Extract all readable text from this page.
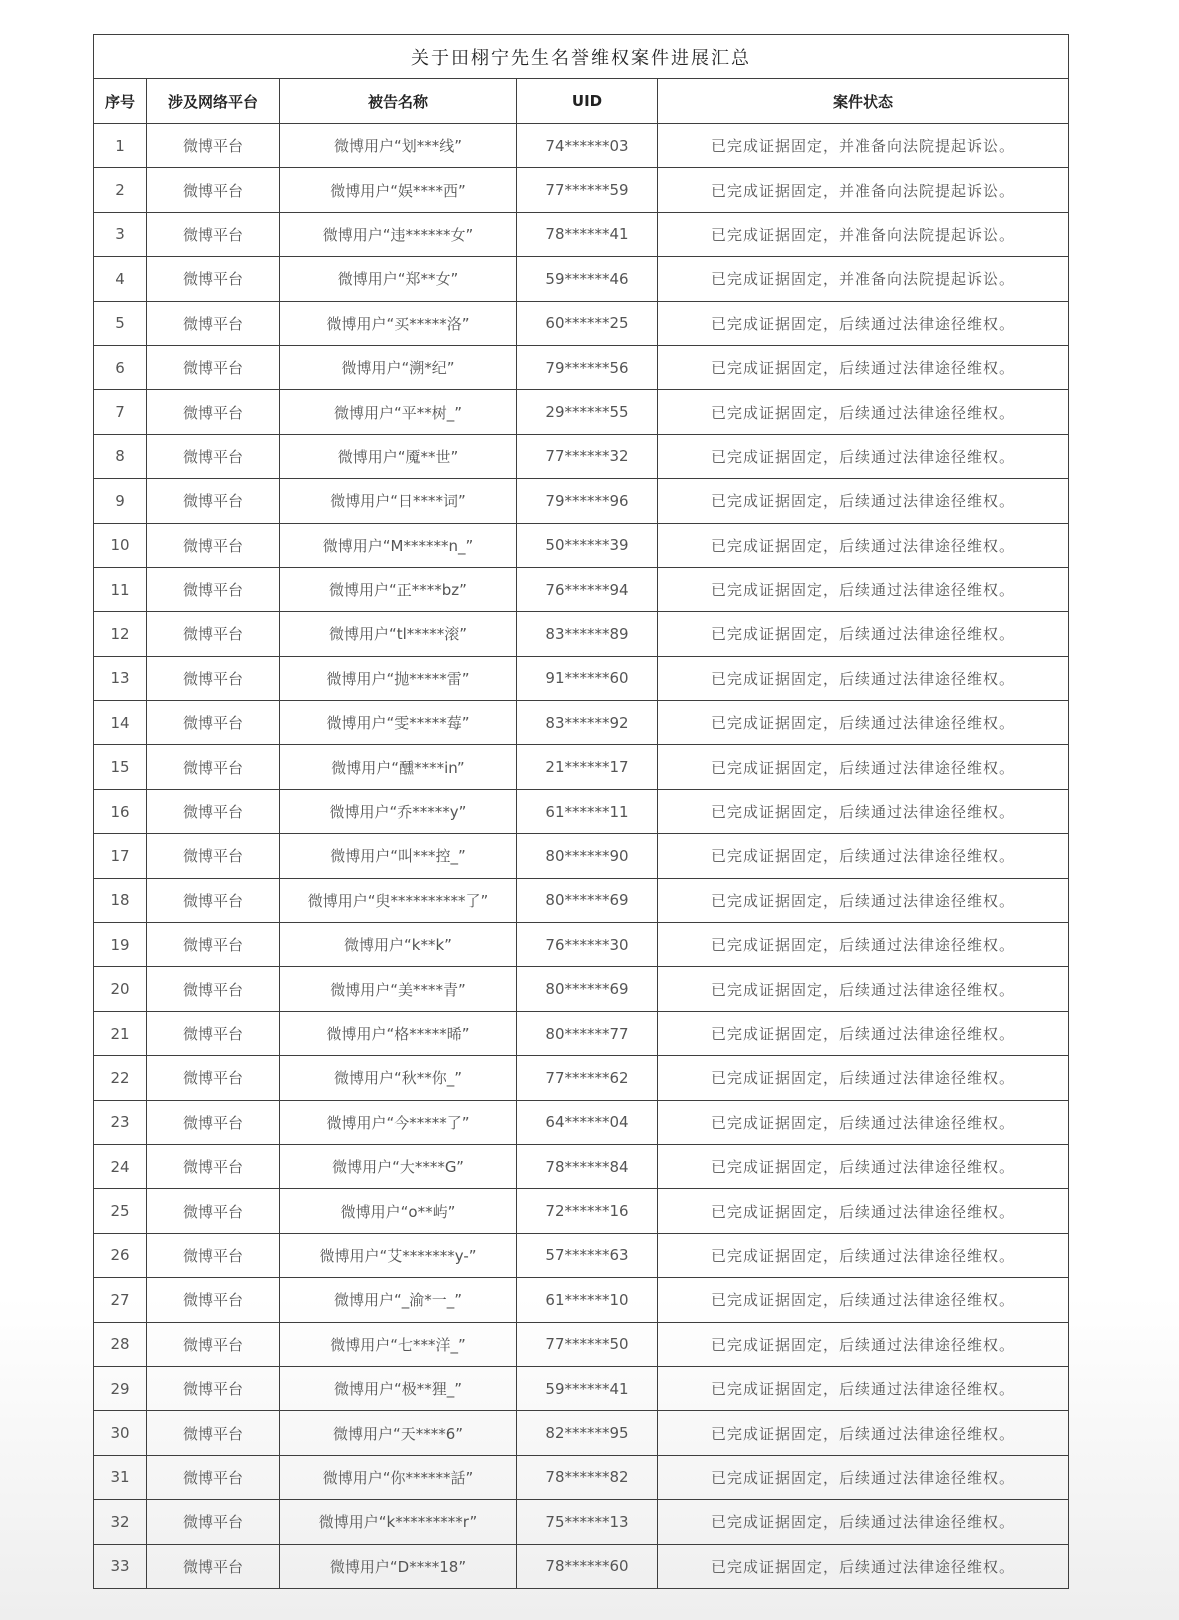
关于田栩宁先生名誉维权案件进展汇总				
序号	涉及网络平台	被告名称	UID	案件状态
1	微博平台	微博用户“划***线”	74******03	已完成证据固定，并准备向法院提起诉讼。
2	微博平台	微博用户“娱****西”	77******59	已完成证据固定，并准备向法院提起诉讼。
3	微博平台	微博用户“违******女”	78******41	已完成证据固定，并准备向法院提起诉讼。
4	微博平台	微博用户“郑**女”	59******46	已完成证据固定，并准备向法院提起诉讼。
5	微博平台	微博用户“买*****洛”	60******25	已完成证据固定，后续通过法律途径维权。
6	微博平台	微博用户“溯*纪”	79******56	已完成证据固定，后续通过法律途径维权。
7	微博平台	微博用户“平**树_”	29******55	已完成证据固定，后续通过法律途径维权。
8	微博平台	微博用户“魇**世”	77******32	已完成证据固定，后续通过法律途径维权。
9	微博平台	微博用户“日****词”	79******96	已完成证据固定，后续通过法律途径维权。
10	微博平台	微博用户“M******n_”	50******39	已完成证据固定，后续通过法律途径维权。
11	微博平台	微博用户“正****bz”	76******94	已完成证据固定，后续通过法律途径维权。
12	微博平台	微博用户“tl*****滚”	83******89	已完成证据固定，后续通过法律途径维权。
13	微博平台	微博用户“抛*****雷”	91******60	已完成证据固定，后续通过法律途径维权。
14	微博平台	微博用户“雯*****莓”	83******92	已完成证据固定，后续通过法律途径维权。
15	微博平台	微博用户“醺****in”	21******17	已完成证据固定，后续通过法律途径维权。
16	微博平台	微博用户“乔*****y”	61******11	已完成证据固定，后续通过法律途径维权。
17	微博平台	微博用户“叫***控_”	80******90	已完成证据固定，后续通过法律途径维权。
18	微博平台	微博用户“臾**********了”	80******69	已完成证据固定，后续通过法律途径维权。
19	微博平台	微博用户“k**k”	76******30	已完成证据固定，后续通过法律途径维权。
20	微博平台	微博用户“美****青”	80******69	已完成证据固定，后续通过法律途径维权。
21	微博平台	微博用户“格*****晞”	80******77	已完成证据固定，后续通过法律途径维权。
22	微博平台	微博用户“秋**你_”	77******62	已完成证据固定，后续通过法律途径维权。
23	微博平台	微博用户“今*****了”	64******04	已完成证据固定，后续通过法律途径维权。
24	微博平台	微博用户“大****G”	78******84	已完成证据固定，后续通过法律途径维权。
25	微博平台	微博用户“o**屿”	72******16	已完成证据固定，后续通过法律途径维权。
26	微博平台	微博用户“艾*******y-”	57******63	已完成证据固定，后续通过法律途径维权。
27	微博平台	微博用户“_渝*一_”	61******10	已完成证据固定，后续通过法律途径维权。
28	微博平台	微博用户“七***洋_”	77******50	已完成证据固定，后续通过法律途径维权。
29	微博平台	微博用户“极**狸_”	59******41	已完成证据固定，后续通过法律途径维权。
30	微博平台	微博用户“天****6”	82******95	已完成证据固定，后续通过法律途径维权。
31	微博平台	微博用户“你******話”	78******82	已完成证据固定，后续通过法律途径维权。
32	微博平台	微博用户“k*********r”	75******13	已完成证据固定，后续通过法律途径维权。
33	微博平台	微博用户“D****18”	78******60	已完成证据固定，后续通过法律途径维权。
